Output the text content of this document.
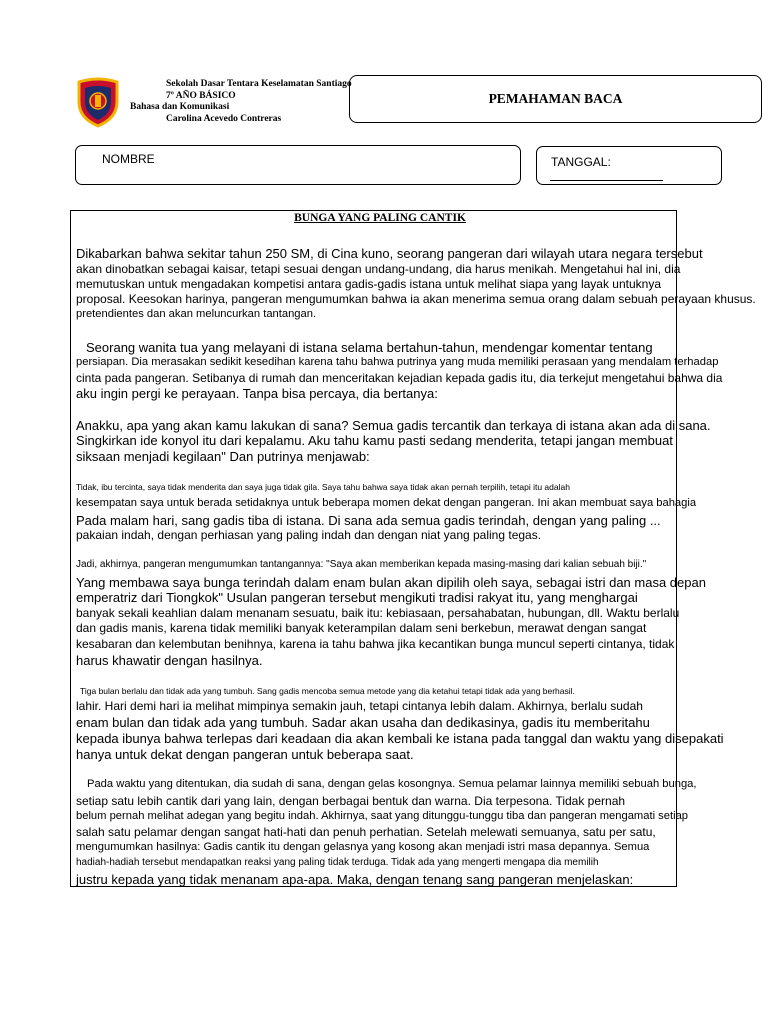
Sekolah Dasar Tentara Keselamatan Santiago
7º AÑO BÁSICO
Bahasa dan Komunikasi
Carolina Acevedo Contreras
PEMAHAMAN BACA
NOMBRE	TANGGAL:
BUNGA YANG PALING CANTIK
Dikabarkan bahwa sekitar tahun 250 SM, di Cina kuno, seorang pangeran dari wilayah utara negara tersebut
akan dinobatkan sebagai kaisar, tetapi sesuai dengan undang-undang, dia harus menikah. Mengetahui hal ini, dia
memutuskan untuk mengadakan kompetisi antara gadis-gadis istana untuk melihat siapa yang layak untuknya
proposal. Keesokan harinya, pangeran mengumumkan bahwa ia akan menerima semua orang dalam sebuah perayaan khusus.
pretendientes dan akan meluncurkan tantangan.
Seorang wanita tua yang melayani di istana selama bertahun-tahun, mendengar komentar tentang
persiapan. Dia merasakan sedikit kesedihan karena tahu bahwa putrinya yang muda memiliki perasaan yang mendalam terhadap
cinta pada pangeran. Setibanya di rumah dan menceritakan kejadian kepada gadis itu, dia terkejut mengetahui bahwa dia
aku ingin pergi ke perayaan. Tanpa bisa percaya, dia bertanya:
Anakku, apa yang akan kamu lakukan di sana? Semua gadis tercantik dan terkaya di istana akan ada di sana.
Singkirkan ide konyol itu dari kepalamu. Aku tahu kamu pasti sedang menderita, tetapi jangan membuat
siksaan menjadi kegilaan" Dan putrinya menjawab:
Tidak, ibu tercinta, saya tidak menderita dan saya juga tidak gila. Saya tahu bahwa saya tidak akan pernah terpilih, tetapi itu adalah
kesempatan saya untuk berada setidaknya untuk beberapa momen dekat dengan pangeran. Ini akan membuat saya bahagia
Pada malam hari, sang gadis tiba di istana. Di sana ada semua gadis terindah, dengan yang paling ...
pakaian indah, dengan perhiasan yang paling indah dan dengan niat yang paling tegas.
Jadi, akhirnya, pangeran mengumumkan tantangannya: "Saya akan memberikan kepada masing-masing dari kalian sebuah biji."
Yang membawa saya bunga terindah dalam enam bulan akan dipilih oleh saya, sebagai istri dan masa depan
emperatriz dari Tiongkok" Usulan pangeran tersebut mengikuti tradisi rakyat itu, yang menghargai
banyak sekali keahlian dalam menanam sesuatu, baik itu: kebiasaan, persahabatan, hubungan, dll. Waktu berlalu
dan gadis manis, karena tidak memiliki banyak keterampilan dalam seni berkebun, merawat dengan sangat
kesabaran dan kelembutan benihnya, karena ia tahu bahwa jika kecantikan bunga muncul seperti cintanya, tidak
harus khawatir dengan hasilnya.
Tiga bulan berlalu dan tidak ada yang tumbuh. Sang gadis mencoba semua metode yang dia ketahui tetapi tidak ada yang berhasil.
lahir. Hari demi hari ia melihat mimpinya semakin jauh, tetapi cintanya lebih dalam. Akhirnya, berlalu sudah
enam bulan dan tidak ada yang tumbuh. Sadar akan usaha dan dedikasinya, gadis itu memberitahu
kepada ibunya bahwa terlepas dari keadaan dia akan kembali ke istana pada tanggal dan waktu yang disepakati
hanya untuk dekat dengan pangeran untuk beberapa saat.
Pada waktu yang ditentukan, dia sudah di sana, dengan gelas kosongnya. Semua pelamar lainnya memiliki sebuah bunga,
setiap satu lebih cantik dari yang lain, dengan berbagai bentuk dan warna. Dia terpesona. Tidak pernah
belum pernah melihat adegan yang begitu indah. Akhirnya, saat yang ditunggu-tunggu tiba dan pangeran mengamati setiap
salah satu pelamar dengan sangat hati-hati dan penuh perhatian. Setelah melewati semuanya, satu per satu,
mengumumkan hasilnya: Gadis cantik itu dengan gelasnya yang kosong akan menjadi istri masa depannya. Semua
hadiah-hadiah tersebut mendapatkan reaksi yang paling tidak terduga. Tidak ada yang mengerti mengapa dia memilih
justru kepada yang tidak menanam apa-apa. Maka, dengan tenang sang pangeran menjelaskan:
